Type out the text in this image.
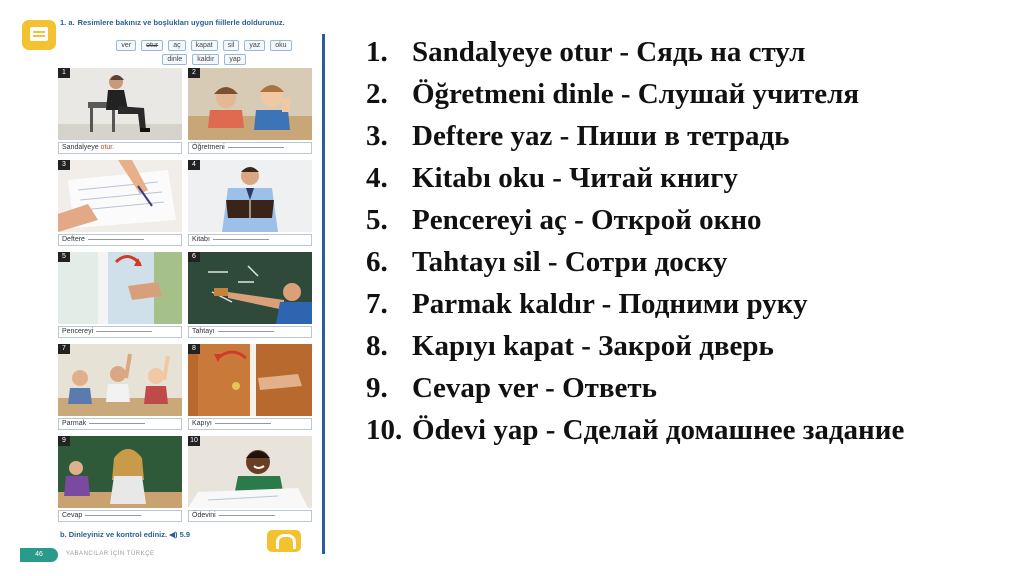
1. a. Resimlere bakınız ve boşlukları uygun fiillerle doldurunuz.
ver	otur	aç	kapat	sil	yaz	oku
dinle	kaldır	yap
1
Sandalyeye otur.
2
Öğretmeni
3
Deftere
4
Kitabı
5
Pencereyi
6
Tahtayı
7
Parmak
8
Kapıyı
9
Cevap
10
Ödevini
b. Dinleyiniz ve kontrol ediniz. ◀) 5.9
46	YABANCILAR İÇİN TÜRKÇE
1. Sandalyeye otur - Сядь на стул
2. Öğretmeni dinle - Слушай учителя
3. Deftere yaz - Пиши в тетрадь
4. Kitabı oku - Читай книгу
5. Pencereyi aç - Открой окно
6. Tahtayı sil - Сотри доску
7. Parmak kaldır - Подними руку
8. Kapıyı kapat - Закрой дверь
9. Cevap ver - Ответь
10. Ödevi yap - Сделай домашнее задание
